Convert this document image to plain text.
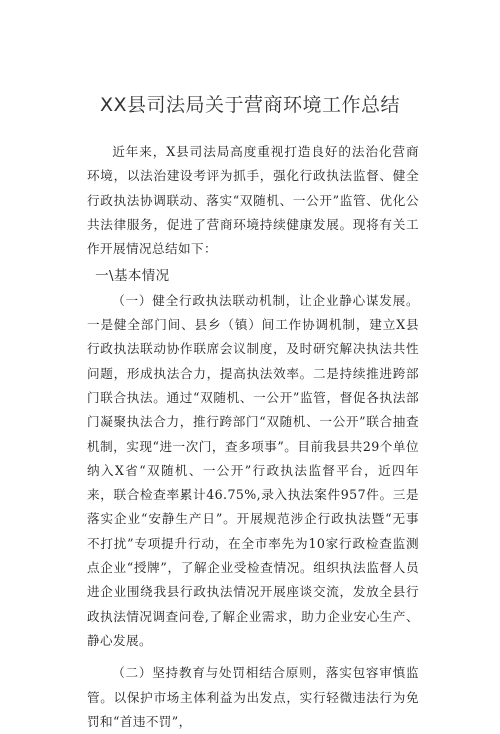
XX县司法局关于营商环境工作总结

近年来，X县司法局高度重视打造良好的法治化营商环境，以法治建设考评为抓手，强化行政执法监督、健全行政执法协调联动、落实“双随机、一公开”监管、优化公共法律服务，促进了营商环境持续健康发展。现将有关工作开展情况总结如下：

一\基本情况

（一）健全行政执法联动机制，让企业静心谋发展。一是健全部门间、县乡（镇）间工作协调机制，建立X县行政执法联动协作联席会议制度，及时研究解决执法共性问题，形成执法合力，提高执法效率。二是持续推进跨部门联合执法。通过“双随机、一公开”监管，督促各执法部门凝聚执法合力，推行跨部门“双随机、一公开”联合抽查机制，实现“进一次门，查多项事”。目前我县共29个单位纳入X省“双随机、一公开”行政执法监督平台，近四年来，联合检查率累计46.75%,录入执法案件957件。三是落实企业“安静生产日”。开展规范涉企行政执法暨“无事不打扰”专项提升行动，在全市率先为10家行政检查监测点企业“授牌”，了解企业受检查情况。组织执法监督人员进企业围绕我县行政执法情况开展座谈交流，发放全县行政执法情况调查问卷,了解企业需求，助力企业安心生产、静心发展。

（二）坚持教育与处罚相结合原则，落实包容审慎监管。以保护市场主体利益为出发点，实行轻微违法行为免罚和“首违不罚”，
